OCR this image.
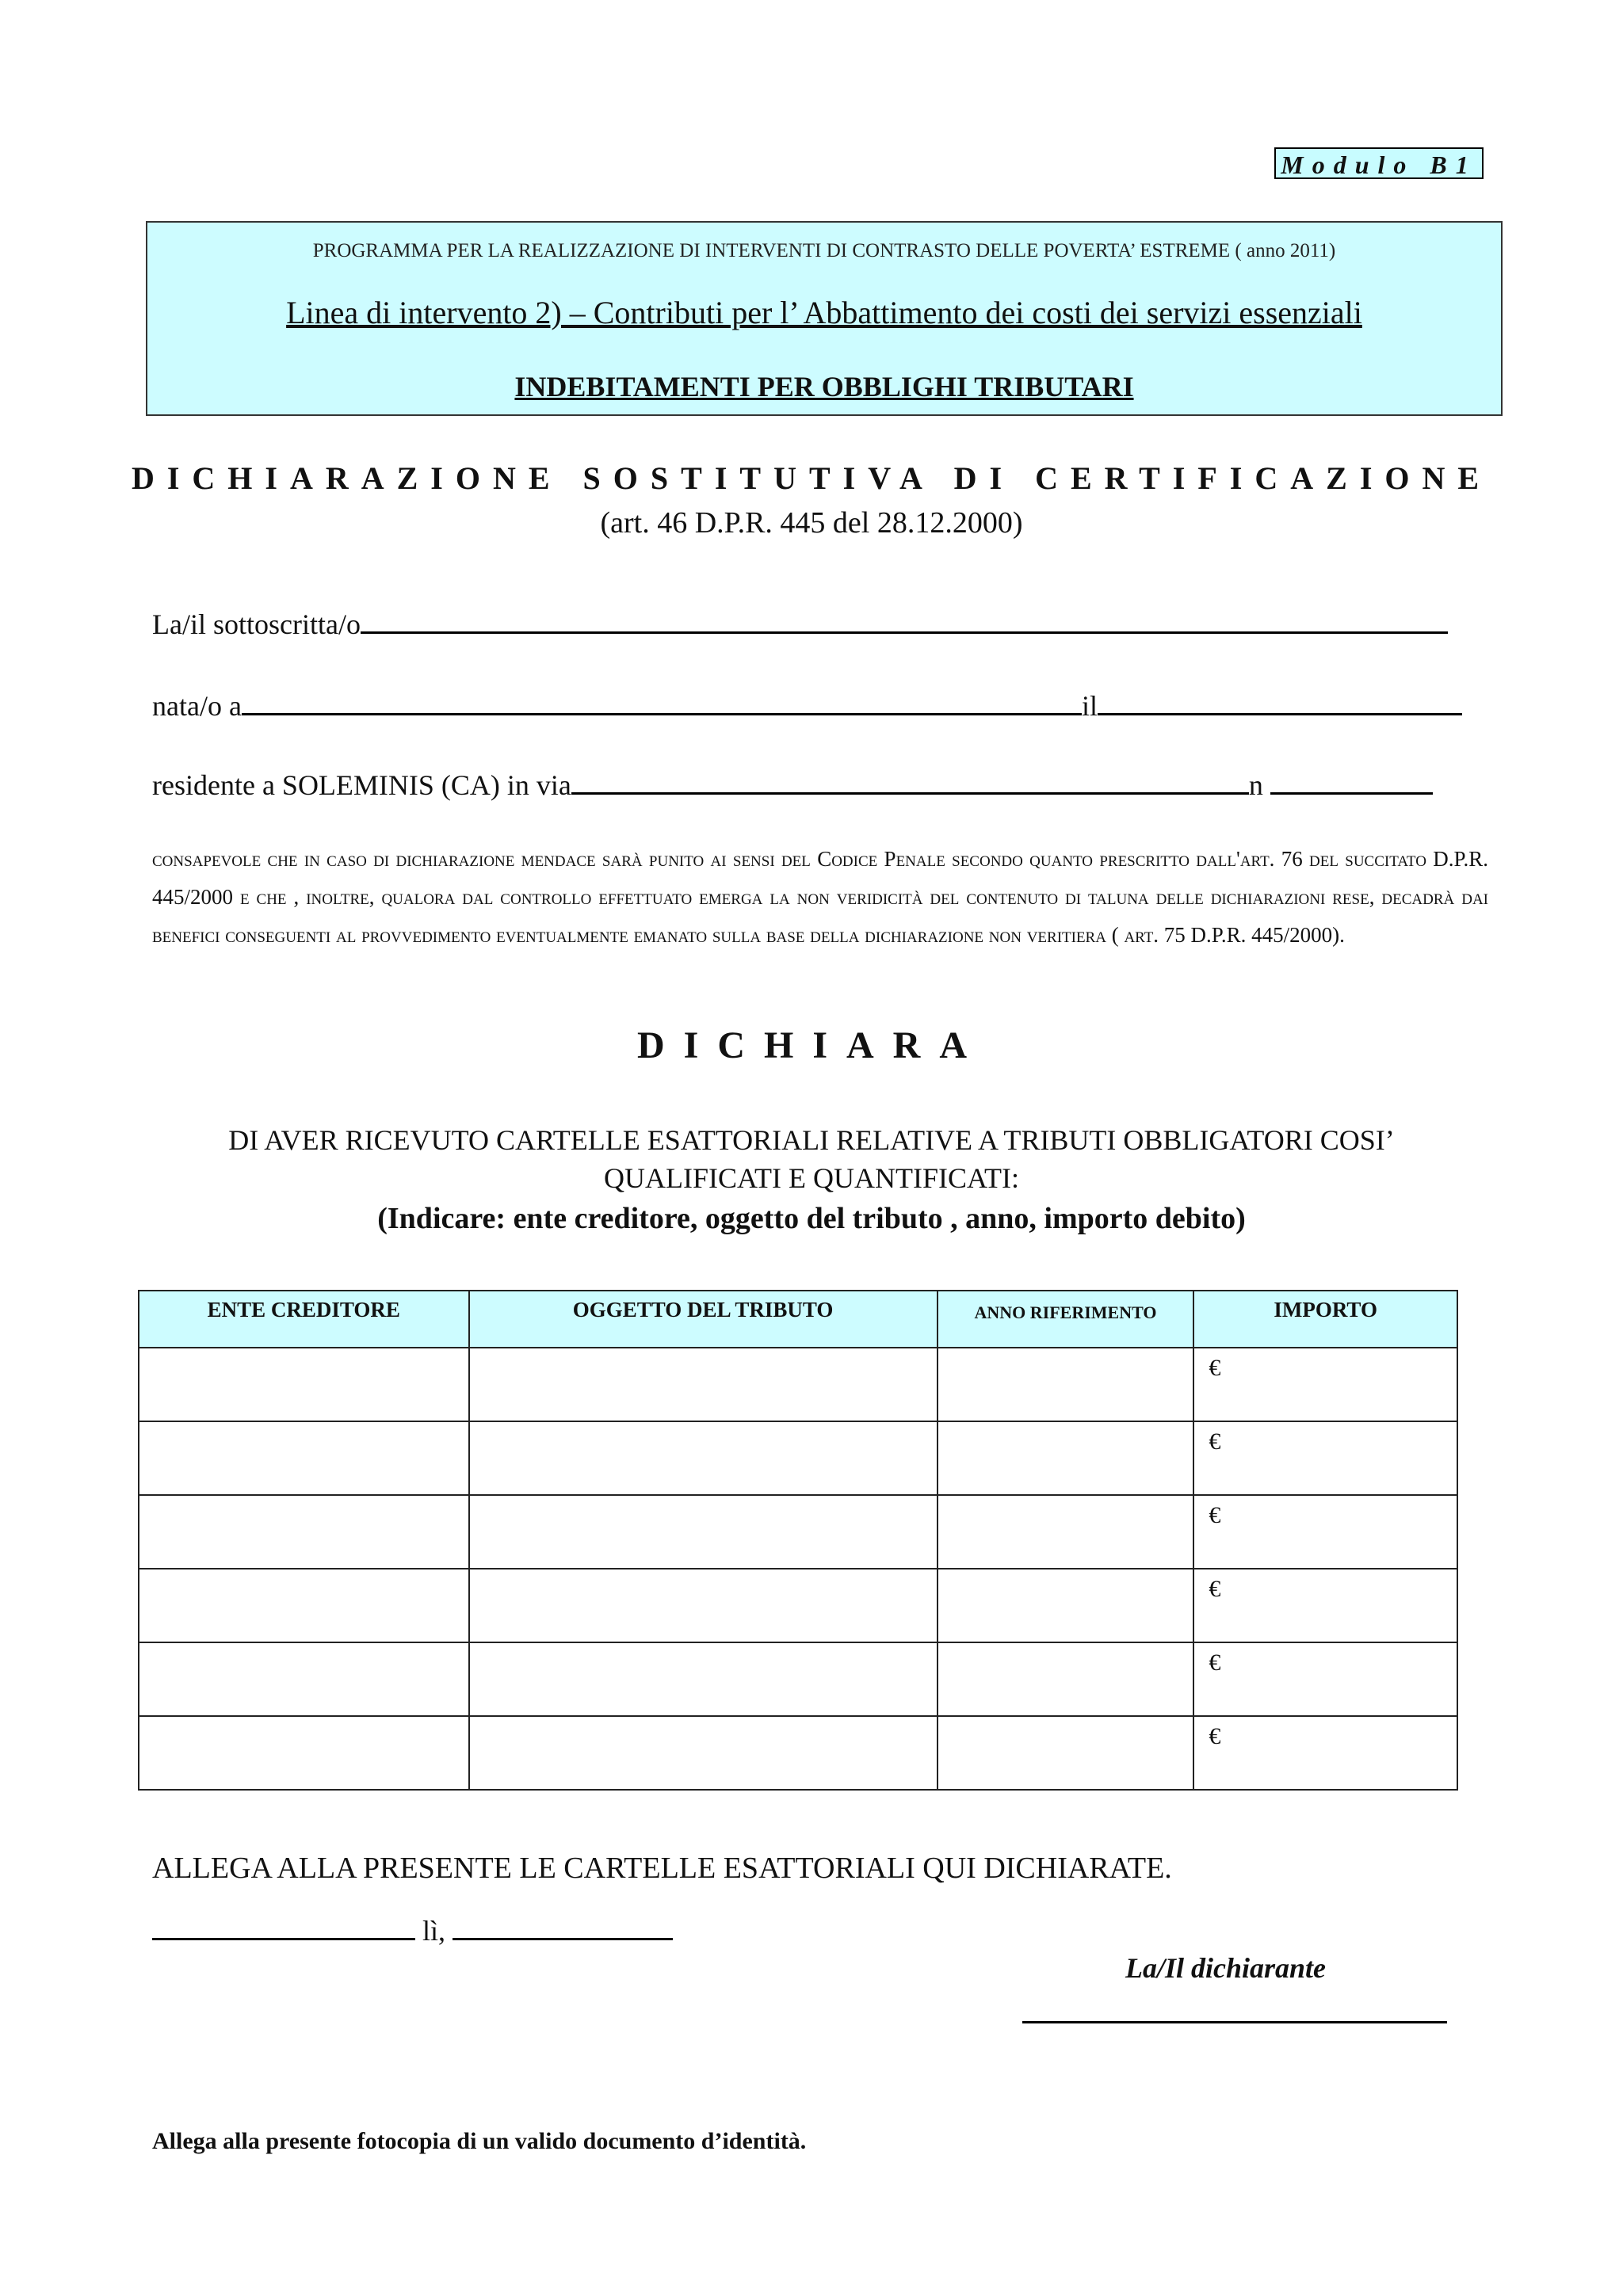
Modulo B1
PROGRAMMA PER LA REALIZZAZIONE DI INTERVENTI DI CONTRASTO DELLE POVERTA’ ESTREME ( anno 2011)
Linea di intervento 2) – Contributi per l’ Abbattimento dei costi dei servizi essenziali
INDEBITAMENTI PER OBBLIGHI TRIBUTARI
DICHIARAZIONE SOSTITUTIVA DI CERTIFICAZIONE
(art. 46 D.P.R. 445 del 28.12.2000)
La/il sottoscritta/o
nata/o a	il
residente a SOLEMINIS (CA) in via	n
consapevole che in caso di dichiarazione mendace sarà punito ai sensi del Codice Penale secondo quanto prescritto dall'art. 76 del succitato D.P.R. 445/2000 e che , inoltre, qualora dal controllo effettuato emerga la non veridicità del contenuto di taluna delle dichiarazioni rese, decadrà dai benefici conseguenti al provvedimento eventualmente emanato sulla base della dichiarazione non veritiera ( art. 75 D.P.R. 445/2000).
DICHIARA
DI AVER RICEVUTO CARTELLE ESATTORIALI RELATIVE A TRIBUTI OBBLIGATORI COSI’ QUALIFICATI E QUANTIFICATI:
(Indicare: ente creditore, oggetto del tributo , anno, importo debito)
ENTE CREDITORE	OGGETTO DEL TRIBUTO	ANNO RIFERIMENTO	IMPORTO
			€
			€
			€
			€
			€
			€
ALLEGA ALLA PRESENTE LE CARTELLE ESATTORIALI QUI DICHIARATE.
lì,
La/Il dichiarante
Allega alla presente fotocopia di un valido documento d’identità.
